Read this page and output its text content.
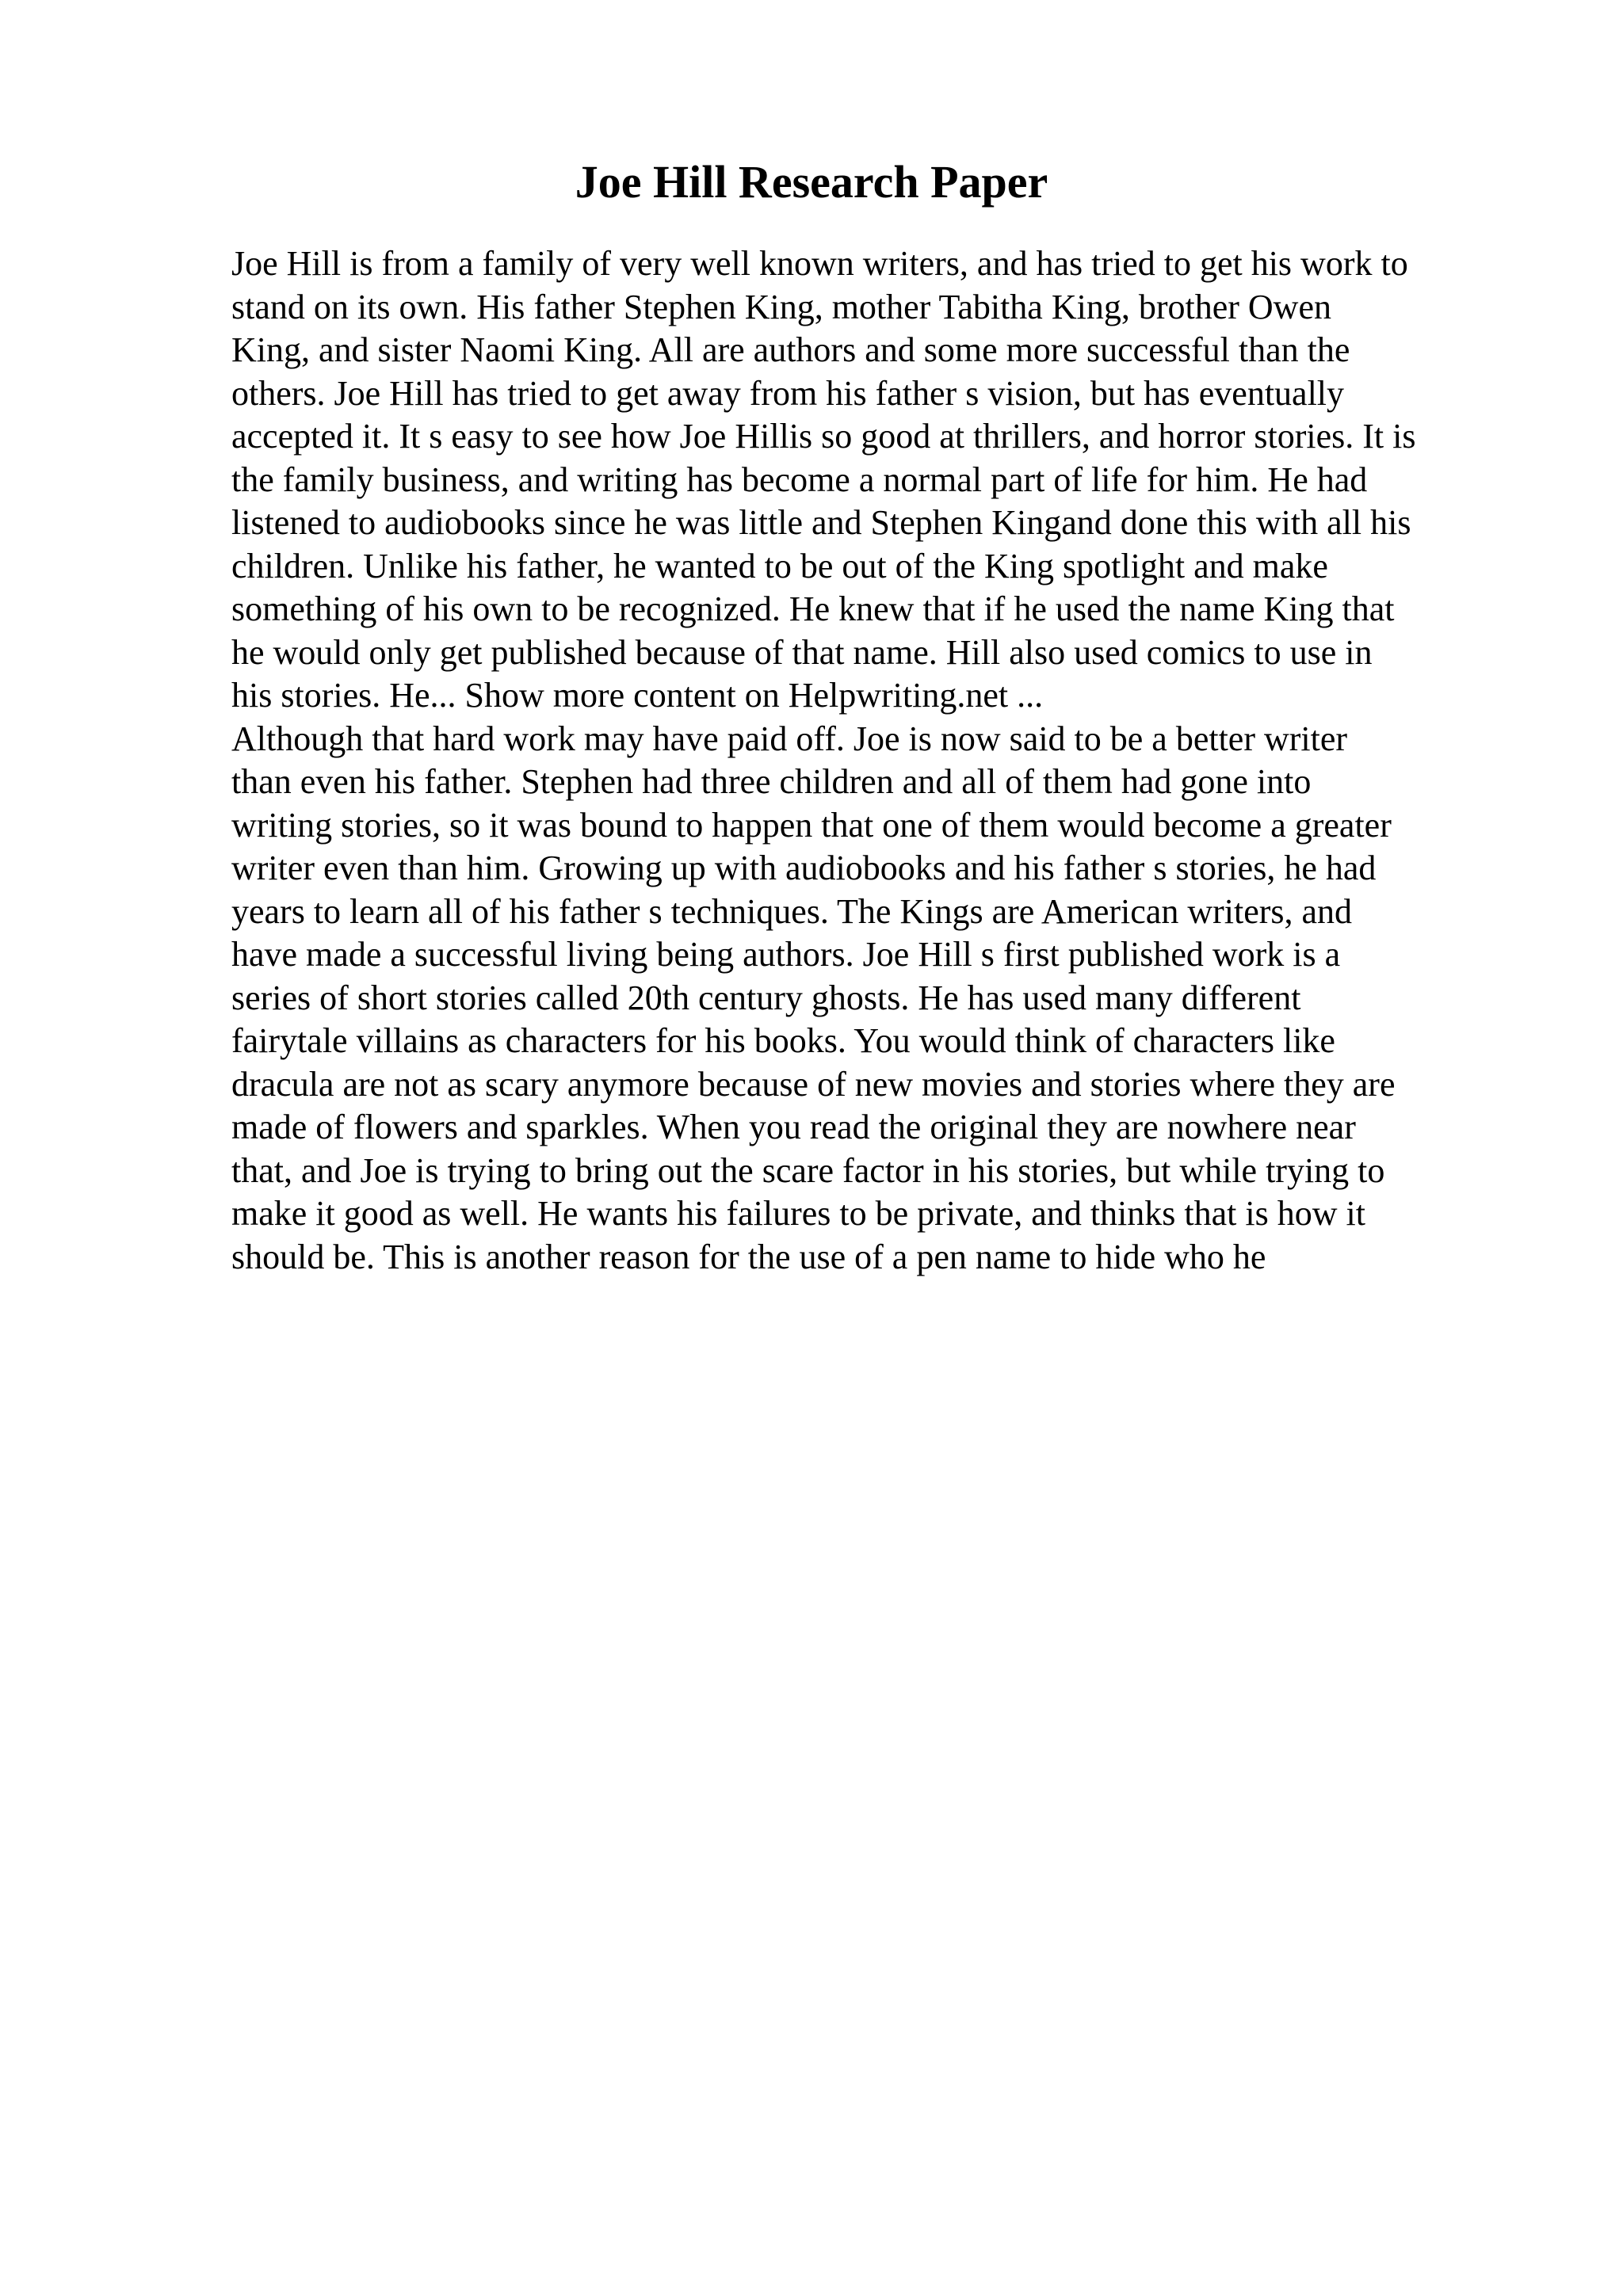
Joe Hill Research Paper
Joe Hill is from a family of very well known writers, and has tried to get his work to
stand on its own. His father Stephen King, mother Tabitha King, brother Owen
King, and sister Naomi King. All are authors and some more successful than the
others. Joe Hill has tried to get away from his father s vision, but has eventually
accepted it. It s easy to see how Joe Hillis so good at thrillers, and horror stories. It is
the family business, and writing has become a normal part of life for him. He had
listened to audiobooks since he was little and Stephen Kingand done this with all his
children. Unlike his father, he wanted to be out of the King spotlight and make
something of his own to be recognized. He knew that if he used the name King that
he would only get published because of that name. Hill also used comics to use in
his stories. He... Show more content on Helpwriting.net ...
Although that hard work may have paid off. Joe is now said to be a better writer
than even his father. Stephen had three children and all of them had gone into
writing stories, so it was bound to happen that one of them would become a greater
writer even than him. Growing up with audiobooks and his father s stories, he had
years to learn all of his father s techniques. The Kings are American writers, and
have made a successful living being authors. Joe Hill s first published work is a
series of short stories called 20th century ghosts. He has used many different
fairytale villains as characters for his books. You would think of characters like
dracula are not as scary anymore because of new movies and stories where they are
made of flowers and sparkles. When you read the original they are nowhere near
that, and Joe is trying to bring out the scare factor in his stories, but while trying to
make it good as well. He wants his failures to be private, and thinks that is how it
should be. This is another reason for the use of a pen name to hide who he
